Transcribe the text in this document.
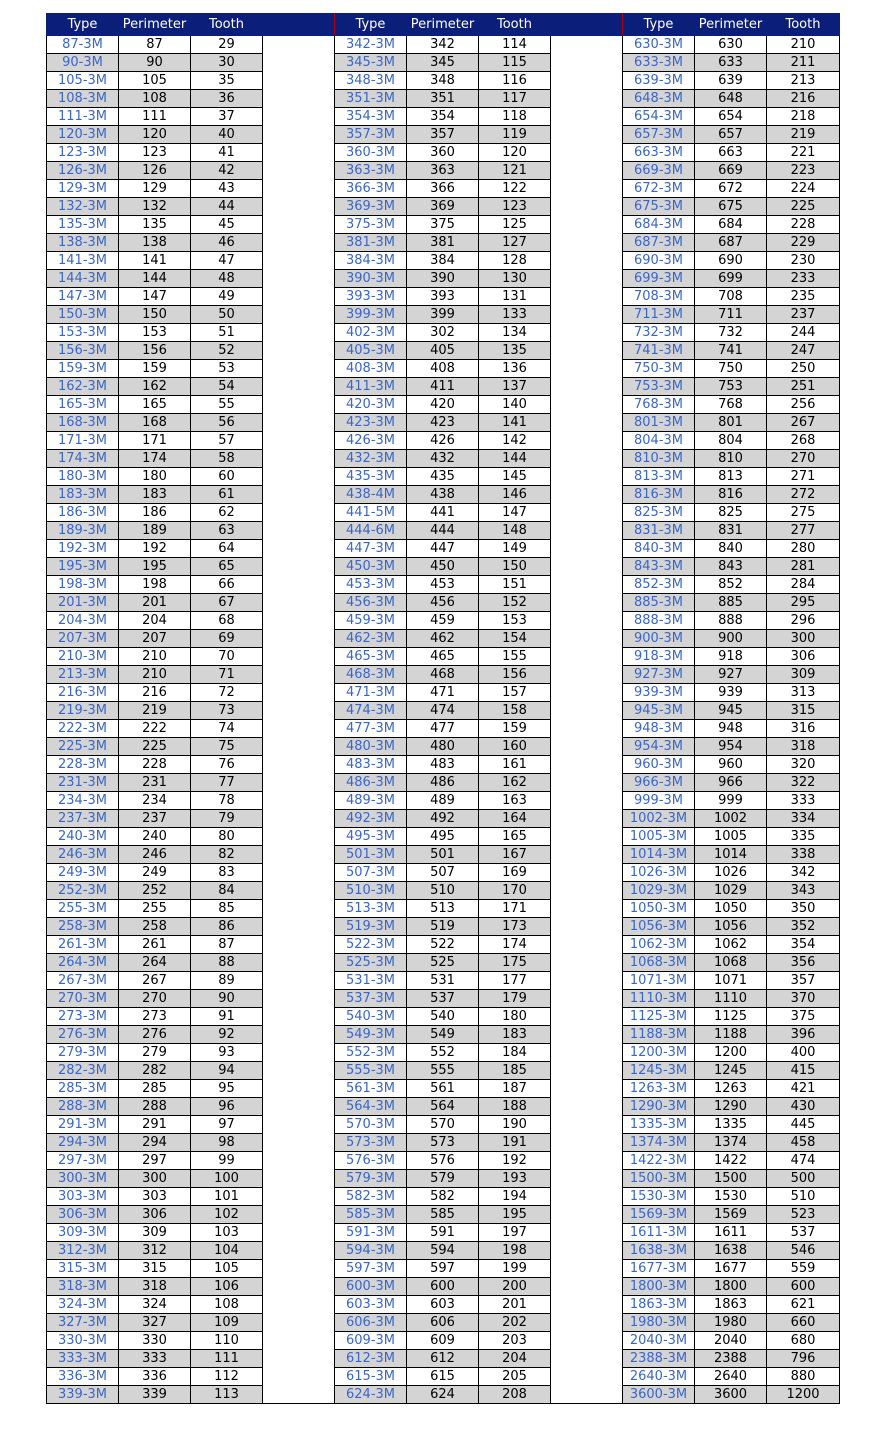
Type	Perimeter	Tooth		Type	Perimeter	Tooth		Type	Perimeter	Tooth
87-3M	87	29		342-3M	342	114		630-3M	630	210
90-3M	90	30		345-3M	345	115		633-3M	633	211
105-3M	105	35		348-3M	348	116		639-3M	639	213
108-3M	108	36		351-3M	351	117		648-3M	648	216
111-3M	111	37		354-3M	354	118		654-3M	654	218
120-3M	120	40		357-3M	357	119		657-3M	657	219
123-3M	123	41		360-3M	360	120		663-3M	663	221
126-3M	126	42		363-3M	363	121		669-3M	669	223
129-3M	129	43		366-3M	366	122		672-3M	672	224
132-3M	132	44		369-3M	369	123		675-3M	675	225
135-3M	135	45		375-3M	375	125		684-3M	684	228
138-3M	138	46		381-3M	381	127		687-3M	687	229
141-3M	141	47		384-3M	384	128		690-3M	690	230
144-3M	144	48		390-3M	390	130		699-3M	699	233
147-3M	147	49		393-3M	393	131		708-3M	708	235
150-3M	150	50		399-3M	399	133		711-3M	711	237
153-3M	153	51		402-3M	302	134		732-3M	732	244
156-3M	156	52		405-3M	405	135		741-3M	741	247
159-3M	159	53		408-3M	408	136		750-3M	750	250
162-3M	162	54		411-3M	411	137		753-3M	753	251
165-3M	165	55		420-3M	420	140		768-3M	768	256
168-3M	168	56		423-3M	423	141		801-3M	801	267
171-3M	171	57		426-3M	426	142		804-3M	804	268
174-3M	174	58		432-3M	432	144		810-3M	810	270
180-3M	180	60		435-3M	435	145		813-3M	813	271
183-3M	183	61		438-4M	438	146		816-3M	816	272
186-3M	186	62		441-5M	441	147		825-3M	825	275
189-3M	189	63		444-6M	444	148		831-3M	831	277
192-3M	192	64		447-3M	447	149		840-3M	840	280
195-3M	195	65		450-3M	450	150		843-3M	843	281
198-3M	198	66		453-3M	453	151		852-3M	852	284
201-3M	201	67		456-3M	456	152		885-3M	885	295
204-3M	204	68		459-3M	459	153		888-3M	888	296
207-3M	207	69		462-3M	462	154		900-3M	900	300
210-3M	210	70		465-3M	465	155		918-3M	918	306
213-3M	210	71		468-3M	468	156		927-3M	927	309
216-3M	216	72		471-3M	471	157		939-3M	939	313
219-3M	219	73		474-3M	474	158		945-3M	945	315
222-3M	222	74		477-3M	477	159		948-3M	948	316
225-3M	225	75		480-3M	480	160		954-3M	954	318
228-3M	228	76		483-3M	483	161		960-3M	960	320
231-3M	231	77		486-3M	486	162		966-3M	966	322
234-3M	234	78		489-3M	489	163		999-3M	999	333
237-3M	237	79		492-3M	492	164		1002-3M	1002	334
240-3M	240	80		495-3M	495	165		1005-3M	1005	335
246-3M	246	82		501-3M	501	167		1014-3M	1014	338
249-3M	249	83		507-3M	507	169		1026-3M	1026	342
252-3M	252	84		510-3M	510	170		1029-3M	1029	343
255-3M	255	85		513-3M	513	171		1050-3M	1050	350
258-3M	258	86		519-3M	519	173		1056-3M	1056	352
261-3M	261	87		522-3M	522	174		1062-3M	1062	354
264-3M	264	88		525-3M	525	175		1068-3M	1068	356
267-3M	267	89		531-3M	531	177		1071-3M	1071	357
270-3M	270	90		537-3M	537	179		1110-3M	1110	370
273-3M	273	91		540-3M	540	180		1125-3M	1125	375
276-3M	276	92		549-3M	549	183		1188-3M	1188	396
279-3M	279	93		552-3M	552	184		1200-3M	1200	400
282-3M	282	94		555-3M	555	185		1245-3M	1245	415
285-3M	285	95		561-3M	561	187		1263-3M	1263	421
288-3M	288	96		564-3M	564	188		1290-3M	1290	430
291-3M	291	97		570-3M	570	190		1335-3M	1335	445
294-3M	294	98		573-3M	573	191		1374-3M	1374	458
297-3M	297	99		576-3M	576	192		1422-3M	1422	474
300-3M	300	100		579-3M	579	193		1500-3M	1500	500
303-3M	303	101		582-3M	582	194		1530-3M	1530	510
306-3M	306	102		585-3M	585	195		1569-3M	1569	523
309-3M	309	103		591-3M	591	197		1611-3M	1611	537
312-3M	312	104		594-3M	594	198		1638-3M	1638	546
315-3M	315	105		597-3M	597	199		1677-3M	1677	559
318-3M	318	106		600-3M	600	200		1800-3M	1800	600
324-3M	324	108		603-3M	603	201		1863-3M	1863	621
327-3M	327	109		606-3M	606	202		1980-3M	1980	660
330-3M	330	110		609-3M	609	203		2040-3M	2040	680
333-3M	333	111		612-3M	612	204		2388-3M	2388	796
336-3M	336	112		615-3M	615	205		2640-3M	2640	880
339-3M	339	113		624-3M	624	208		3600-3M	3600	1200
